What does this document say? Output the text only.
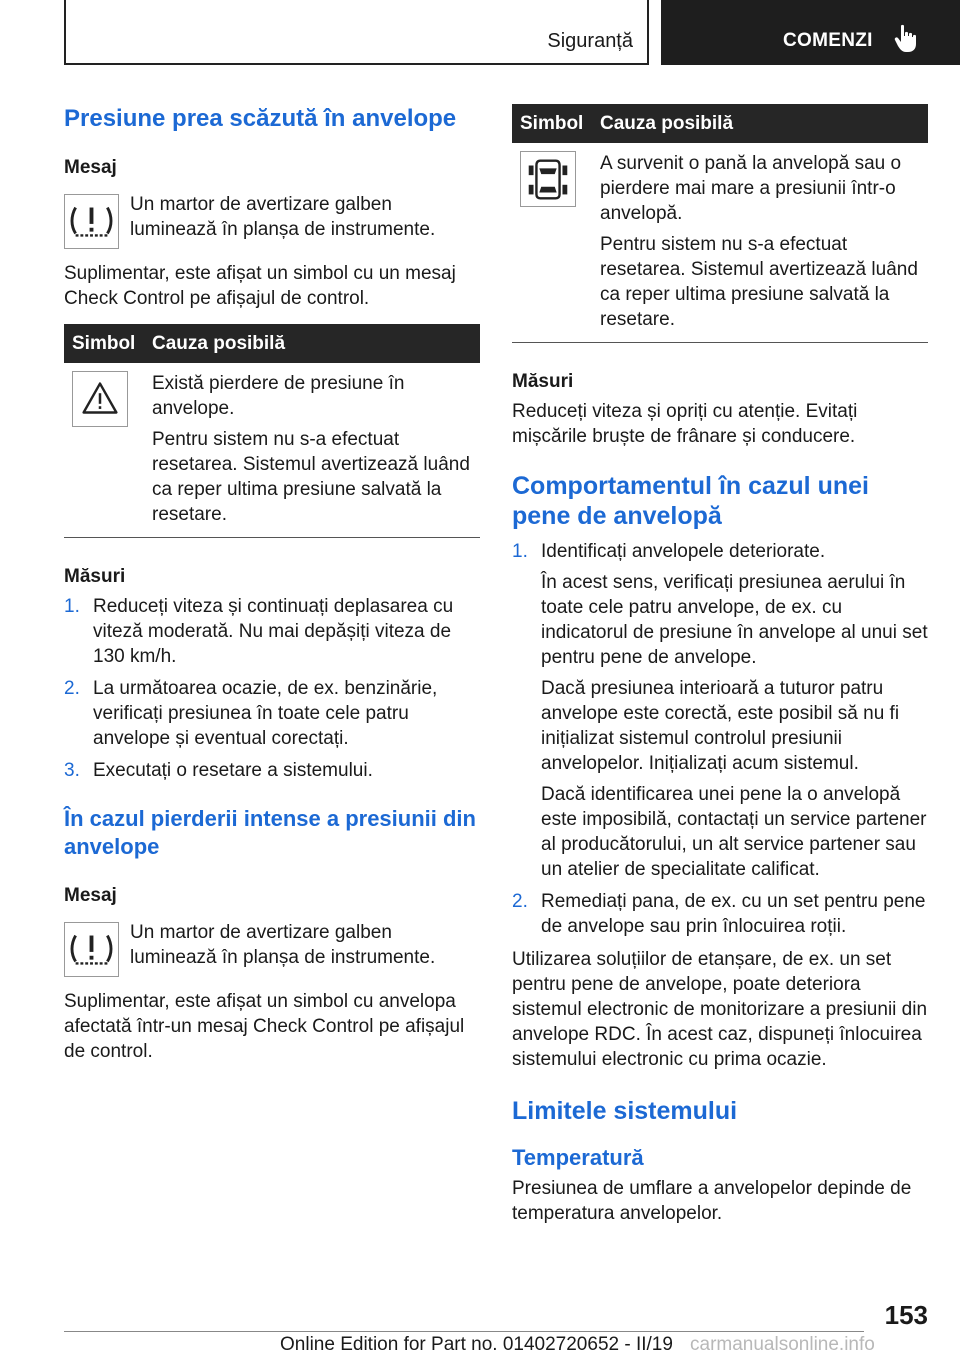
Siguranță	COMENZI
Presiune prea scăzută în anvelope
Mesaj
Un martor de avertizare galben luminează în planșa de instrumente.

Suplimentar, este afișat un simbol cu un mesaj Check Control pe afișajul de control.

Simbol	Cauza posibilă

Există pierdere de presiune în anvelope.

Pentru sistem nu s-a efectuat resetarea. Sistemul avertizează luând ca reper ultima presiune salvată la resetare.

Măsuri
1. Reduceți viteza și continuați deplasarea cu viteză moderată. Nu mai depășiți viteza de 130 km/h.
2. La următoarea ocazie, de ex. benzinărie, verificați presiunea în toate cele patru anvelope și eventual corectați.
3. Executați o resetare a sistemului.
În cazul pierderii intense a presiunii din anvelope
Mesaj
Un martor de avertizare galben luminează în planșa de instrumente.

Suplimentar, este afișat un simbol cu anvelopa afectată într-un mesaj Check Control pe afișajul de control.

Simbol	Cauza posibilă

A survenit o pană la anvelopă sau o pierdere mai mare a presiunii într-o anvelopă.

Pentru sistem nu s-a efectuat resetarea. Sistemul avertizează luând ca reper ultima presiune salvată la resetare.

Măsuri

Reduceți viteza și opriți cu atenție. Evitați mișcările bruște de frânare și conducere.

Comportamentul în cazul unei pene de anvelopă
1. Identificați anvelopele deteriorate.

În acest sens, verificați presiunea aerului în toate cele patru anvelope, de ex. cu indicatorul de presiune în anvelope al unui set pentru pene de anvelope.

Dacă presiunea interioară a tuturor patru anvelope este corectă, este posibil să nu fi inițializat sistemul controlul presiunii anvelopelor. Inițializați acum sistemul.

Dacă identificarea unei pene la o anvelopă este imposibilă, contactați un service partener al producătorului, un alt service partener sau un atelier de specialitate calificat.

2. Remediați pana, de ex. cu un set pentru pene de anvelope sau prin înlocuirea roții.

Utilizarea soluțiilor de etanșare, de ex. un set pentru pene de anvelope, poate deteriora sistemul electronic de monitorizare a presiunii din anvelope RDC. În acest caz, dispuneți înlocuirea sistemului electronic cu prima ocazie.

Limitele sistemului
Temperatură

Presiunea de umflare a anvelopelor depinde de temperatura anvelopelor.

153
Online Edition for Part no. 01402720652 - II/19 carmanualsonline.info
